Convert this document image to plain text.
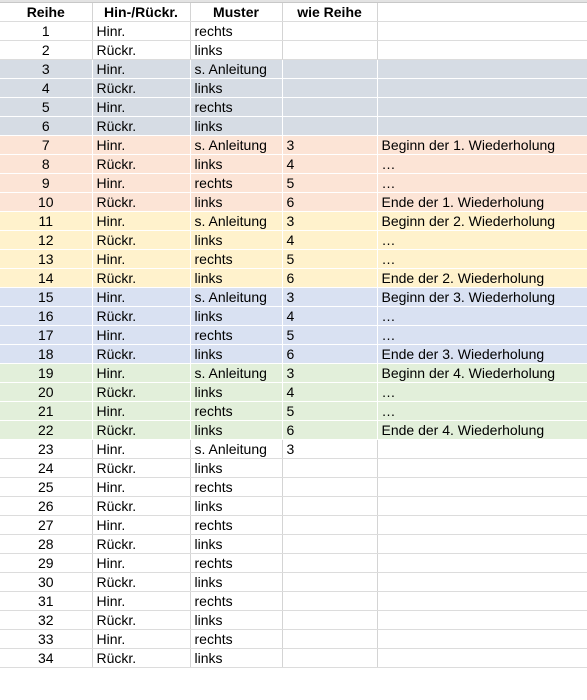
Reihe	Hin-/Rückr.	Muster	wie Reihe	
1	Hinr.	rechts		
2	Rückr.	links		
3	Hinr.	s. Anleitung		
4	Rückr.	links		
5	Hinr.	rechts		
6	Rückr.	links		
7	Hinr.	s. Anleitung	3	Beginn der 1. Wiederholung
8	Rückr.	links	4	…
9	Hinr.	rechts	5	…
10	Rückr.	links	6	Ende der 1. Wiederholung
11	Hinr.	s. Anleitung	3	Beginn der 2. Wiederholung
12	Rückr.	links	4	…
13	Hinr.	rechts	5	…
14	Rückr.	links	6	Ende der 2. Wiederholung
15	Hinr.	s. Anleitung	3	Beginn der 3. Wiederholung
16	Rückr.	links	4	…
17	Hinr.	rechts	5	…
18	Rückr.	links	6	Ende der 3. Wiederholung
19	Hinr.	s. Anleitung	3	Beginn der 4. Wiederholung
20	Rückr.	links	4	…
21	Hinr.	rechts	5	…
22	Rückr.	links	6	Ende der 4. Wiederholung
23	Hinr.	s. Anleitung	3	
24	Rückr.	links		
25	Hinr.	rechts		
26	Rückr.	links		
27	Hinr.	rechts		
28	Rückr.	links		
29	Hinr.	rechts		
30	Rückr.	links		
31	Hinr.	rechts		
32	Rückr.	links		
33	Hinr.	rechts		
34	Rückr.	links		
